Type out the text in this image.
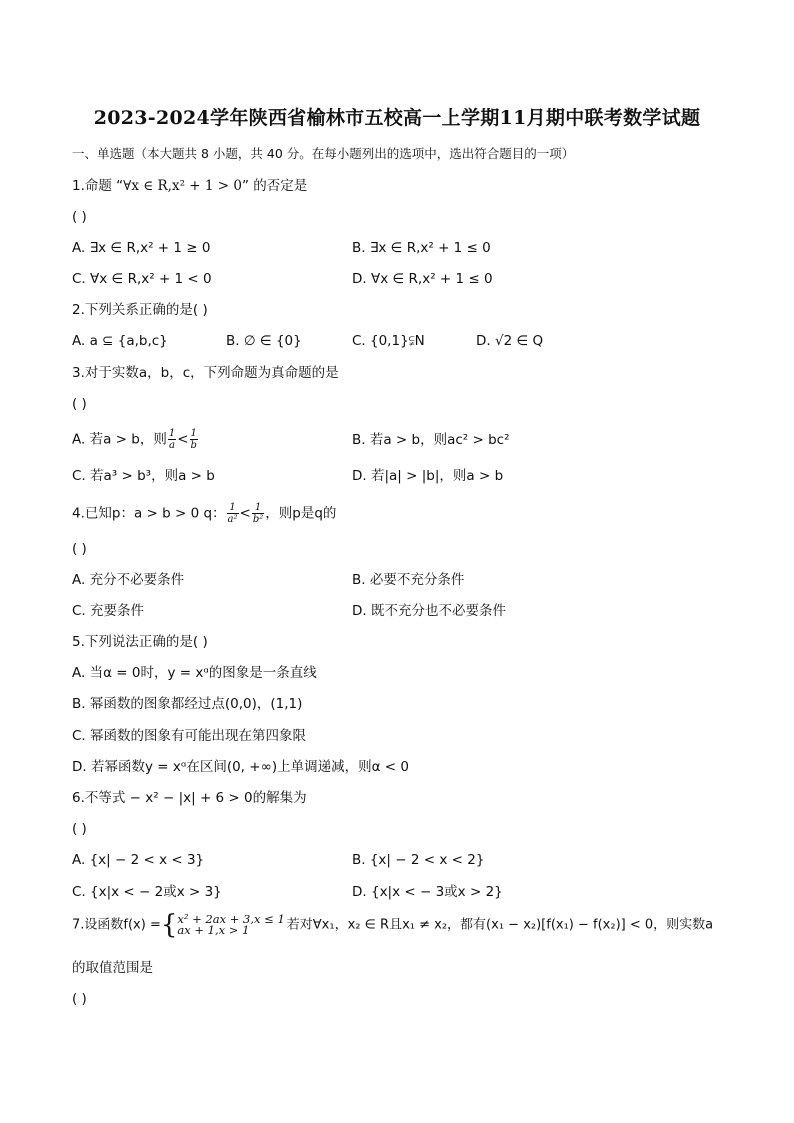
2023-2024学年陕西省榆林市五校高一上学期11月期中联考数学试题
一、单选题（本大题共 8 小题，共 40 分。在每小题列出的选项中，选出符合题目的一项）
1.命题 “∀x ∈ R,x² + 1 > 0” 的否定是
( )
A. ∃x ∈ R,x² + 1 ≥ 0	B. ∃x ∈ R,x² + 1 ≤ 0
C. ∀x ∈ R,x² + 1 < 0	D. ∀x ∈ R,x² + 1 ≤ 0
2.下列关系正确的是( )
A. a ⊆ {a,b,c}	B. ∅ ∈ {0}	C. {0,1}⫋N	D. √2 ∈ Q
3.对于实数a，b，c，下列命题为真命题的是
( )
A. 若a > b，则 $\frac{1}{a} < \frac{1}{b}$	B. 若a > b，则ac² > bc²
C. 若a³ > b³，则a > b	D. 若|a| > |b|，则a > b
4.已知p：a > b > 0 q： $\frac{1}{\text{a²}} < \frac{1}{\text{b²}}$ ，则p是q的
( )
A. 充分不必要条件	B. 必要不充分条件
C. 充要条件	D. 既不充分也不必要条件
5.下列说法正确的是( )
A. 当α = 0时，y = xᵅ的图象是一条直线
B. 幂函数的图象都经过点(0,0)，(1,1)
C. 幂函数的图象有可能出现在第四象限
D. 若幂函数y = xᵅ在区间(0, +∞)上单调递减，则α < 0
6.不等式 − x² − |x| + 6 > 0的解集为
( )
A. {x| − 2 < x < 3}	B. {x| − 2 < x < 2}
C. {x|x < − 2或x > 3}	D. {x|x < − 3或x > 2}
7.设函数f(x) ={ x² + 2ax + 3,x ≤ 1
ax + 1,x > 1	若对∀x₁，x₂ ∈ R且x₁ ≠ x₂，都有(x₁ − x₂)[f(x₁) − f(x₂)] < 0，则实数a
的取值范围是
( )
